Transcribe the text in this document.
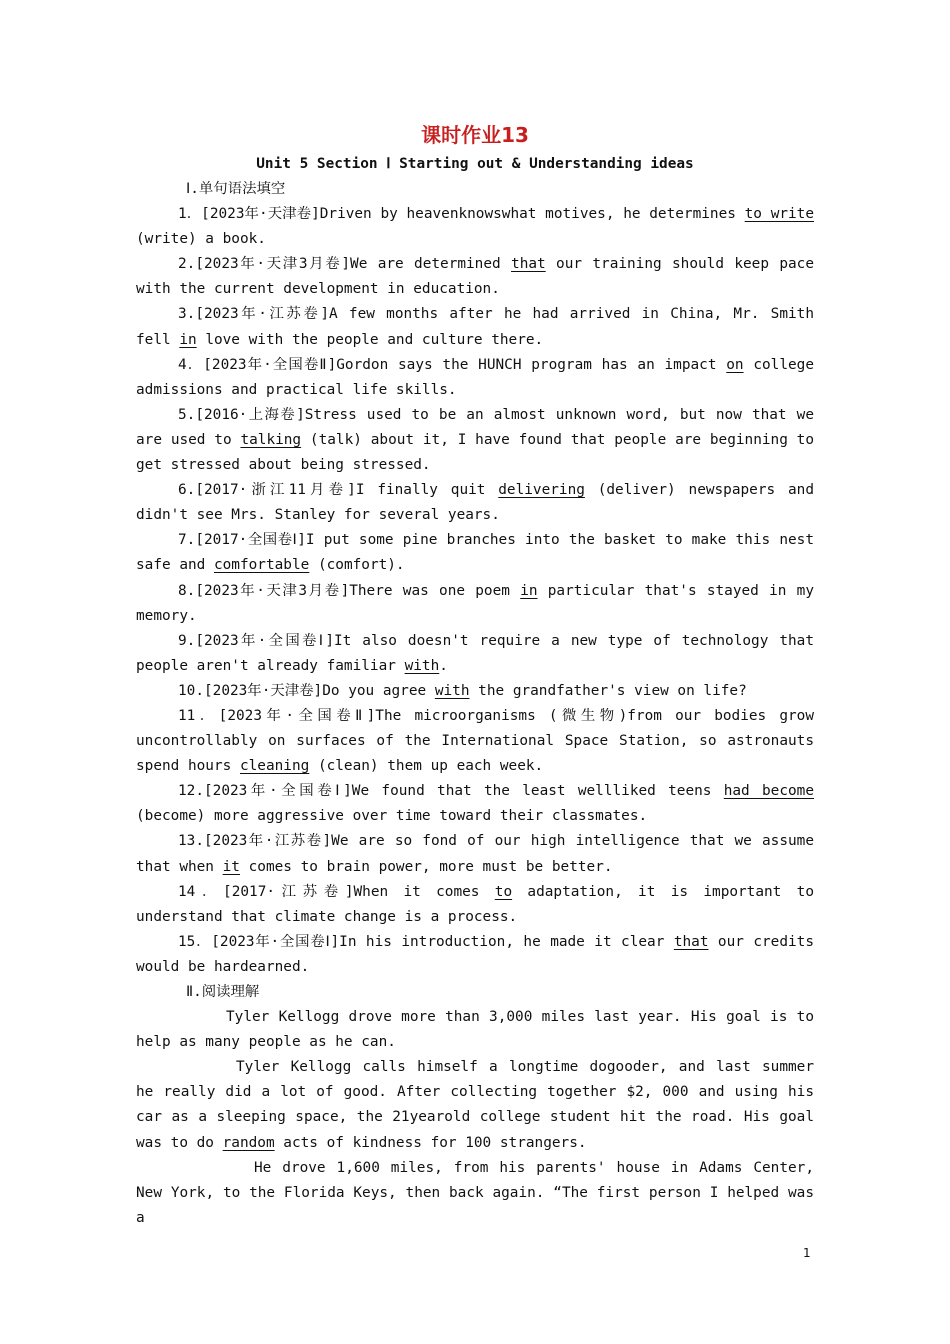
课时作业13
Unit 5 Section Ⅰ Starting out & Understanding ideas
Ⅰ.单句语法填空
1．[2023年·天津卷]Driven by heavenknowswhat motives, he determines to write (write) a book.
2.[2023年·天津3月卷]We are determined that our training should keep pace with the current development in education.
3.[2023年·江苏卷]A few months after he had arrived in China, Mr. Smith fell in love with the people and culture there.
4．[2023年·全国卷Ⅱ]Gordon says the HUNCH program has an impact on college admissions and practical life skills.
5.[2016·上海卷]Stress used to be an almost unknown word, but now that we are used to talking (talk) about it, I have found that people are beginning to get stressed about being stressed.
6.[2017·浙江11月卷]I finally quit delivering (deliver) newspapers and didn't see Mrs. Stanley for several years.
7.[2017·全国卷Ⅰ]I put some pine branches into the basket to make this nest safe and comfortable (comfort).
8.[2023年·天津3月卷]There was one poem in particular that's stayed in my memory.
9.[2023年·全国卷Ⅰ]It also doesn't require a new type of technology that people aren't already familiar with.
10.[2023年·天津卷]Do you agree with the grandfather's view on life?
11．[2023年·全国卷Ⅱ]The microorganisms (微生物)from our bodies grow uncontrollably on surfaces of the International Space Station, so astronauts spend hours cleaning (clean) them up each week.
12.[2023年·全国卷Ⅰ]We found that the least wellliked teens had become (become) more aggressive over time toward their classmates.
13.[2023年·江苏卷]We are so fond of our high intelligence that we assume that when it comes to brain power, more must be better.
14．[2017·江苏卷]When it comes to adaptation, it is important to understand that climate change is a process.
15．[2023年·全国卷Ⅰ]In his introduction, he made it clear that our credits would be hardearned.
Ⅱ.阅读理解
Tyler Kellogg drove more than 3,000 miles last year. His goal is to help as many people as he can.
Tyler Kellogg calls himself a longtime dogooder, and last summer he really did a lot of good. After collecting together $2, 000 and using his car as a sleeping space, the 21yearold college student hit the road. His goal was to do random acts of kindness for 100 strangers.
He drove 1,600 miles, from his parents' house in Adams Center, New York, to the Florida Keys, then back again. “The first person I helped was a
1
